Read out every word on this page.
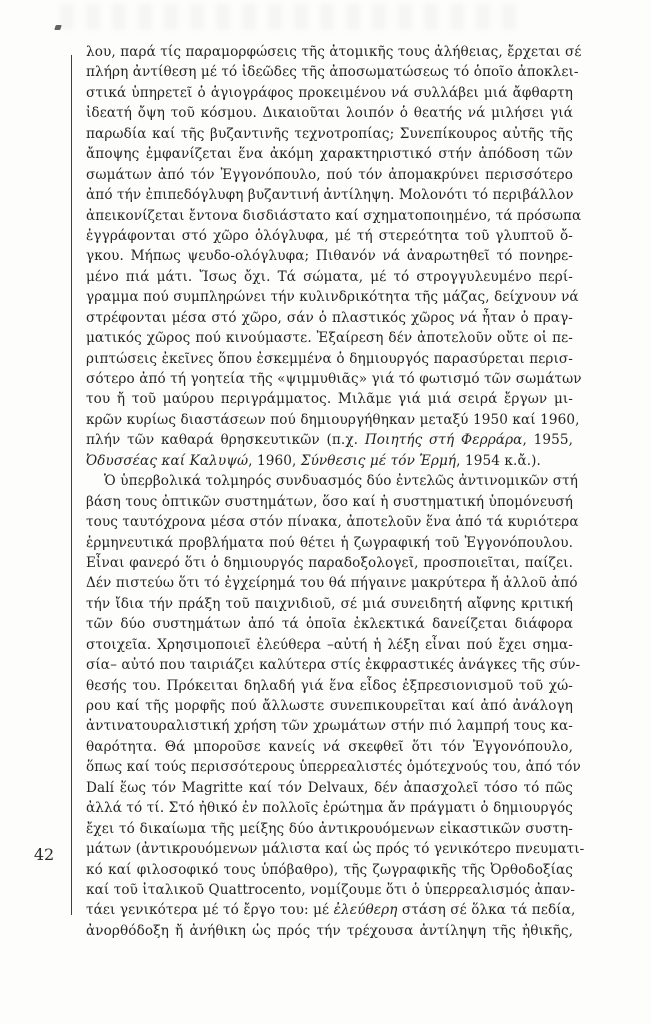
42
λου, παρά τίς παραμορφώσεις τῆς ἀτομικῆς τους ἀλήθειας, ἔρχεται σέ
πλήρη ἀντίθεση μέ τό ἰδεῶδες τῆς ἀποσωματώσεως τό ὁποῖο ἀποκλει-
στικά ὑπηρετεῖ ὁ ἁγιογράφος προκειμένου νά συλλάβει μιά ἄφθαρτη
ἰδεατή ὄψη τοῦ κόσμου. Δικαιοῦται λοιπόν ὁ θεατής νά μιλήσει γιά
παρωδία καί τῆς βυζαντινῆς τεχνοτροπίας; Συνεπίκουρος αὐτῆς τῆς
ἄποψης ἐμφανίζεται ἕνα ἀκόμη χαρακτηριστικό στήν ἀπόδοση τῶν
σωμάτων ἀπό τόν Ἐγγονόπουλο, πού τόν ἀπομακρύνει περισσότερο
ἀπό τήν ἐπιπεδόγλυφη βυζαντινή ἀντίληψη. Μολονότι τό περιβάλλον
ἀπεικονίζεται ἔντονα δισδιάστατο καί σχηματοποιημένο, τά πρόσωπα
ἐγγράφονται στό χῶρο ὁλόγλυφα, μέ τή στερεότητα τοῦ γλυπτοῦ ὄ-
γκου. Μήπως ψευδο-ολόγλυφα; Πιθανόν νά ἀναρωτηθεῖ τό πονηρε-
μένο πιά μάτι. Ἴσως ὄχι. Τά σώματα, μέ τό στρογγυλευμένο περί-
γραμμα πού συμπληρώνει τήν κυλινδρικότητα τῆς μάζας, δείχνουν νά
στρέφονται μέσα στό χῶρο, σάν ὁ πλαστικός χῶρος νά ἦταν ὁ πραγ-
ματικός χῶρος πού κινούμαστε. Ἐξαίρεση δέν ἀποτελοῦν οὔτε οἱ πε-
ριπτώσεις ἐκεῖνες ὅπου ἐσκεμμένα ὁ δημιουργός παρασύρεται περισ-
σότερο ἀπό τή γοητεία τῆς «ψιμμυθιᾶς» γιά τό φωτισμό τῶν σωμάτων
του ἤ τοῦ μαύρου περιγράμματος. Μιλᾶμε γιά μιά σειρά ἔργων μι-
κρῶν κυρίως διαστάσεων πού δημιουργήθηκαν μεταξύ 1950 καί 1960,
πλήν τῶν καθαρά θρησκευτικῶν (π.χ. Ποιητής στή Φερράρα, 1955,
Ὀδυσσέας καί Καλυψώ, 1960, Σύνθεσις μέ τόν Ἑρμή, 1954 κ.ἄ.).
Ὁ ὑπερβολικά τολμηρός συνδυασμός δύο ἐντελῶς ἀντινομικῶν στή
βάση τους ὀπτικῶν συστημάτων, ὅσο καί ἡ συστηματική ὑπομόνευσή
τους ταυτόχρονα μέσα στόν πίνακα, ἀποτελοῦν ἕνα ἀπό τά κυριότερα
ἑρμηνευτικά προβλήματα πού θέτει ἡ ζωγραφική τοῦ Ἐγγονόπουλου.
Εἶναι φανερό ὅτι ὁ δημιουργός παραδοξολογεῖ, προσποιεῖται, παίζει.
Δέν πιστεύω ὅτι τό ἐγχείρημά του θά πήγαινε μακρύτερα ἤ ἀλλοῦ ἀπό
τήν ἴδια τήν πράξη τοῦ παιχνιδιοῦ, σέ μιά συνειδητή αἴφνης κριτική
τῶν δύο συστημάτων ἀπό τά ὁποῖα ἐκλεκτικά δανείζεται διάφορα
στοιχεῖα. Χρησιμοποιεῖ ἐλεύθερα –αὐτή ἡ λέξη εἶναι πού ἔχει σημα-
σία– αὐτό που ταιριάζει καλύτερα στίς ἐκφραστικές ἀνάγκες τῆς σύν-
θεσής του. Πρόκειται δηλαδή γιά ἕνα εἶδος ἐξπρεσιονισμοῦ τοῦ χώ-
ρου καί τῆς μορφῆς πού ἄλλωστε συνεπικουρεῖται καί ἀπό ἀνάλογη
ἀντινατουραλιστική χρήση τῶν χρωμάτων στήν πιό λαμπρή τους κα-
θαρότητα. Θά μποροῦσε κανείς νά σκεφθεῖ ὅτι τόν Ἐγγονόπουλο,
ὅπως καί τούς περισσότερους ὑπερρεαλιστές ὁμότεχνούς του, ἀπό τόν
Dalí ἕως τόν Magritte καί τόν Delvaux, δέν ἀπασχολεῖ τόσο τό πῶς
ἀλλά τό τί. Στό ἠθικό ἐν πολλοῖς ἐρώτημα ἄν πράγματι ὁ δημιουργός
ἔχει τό δικαίωμα τῆς μείξης δύο ἀντικρουόμενων εἰκαστικῶν συστη-
μάτων (ἀντικρουόμενων μάλιστα καί ὡς πρός τό γενικότερο πνευματι-
κό καί φιλοσοφικό τους ὑπόβαθρο), τῆς ζωγραφικῆς τῆς Ὀρθοδοξίας
καί τοῦ ἰταλικοῦ Quattrocento, νομίζουμε ὅτι ὁ ὑπερρεαλισμός ἀπαν-
τάει γενικότερα μέ τό ἔργο του: μέ ἐλεύθερη στάση σέ ὅλκα τά πεδία,
ἀνορθόδοξη ἤ ἀνήθικη ὡς πρός τήν τρέχουσα ἀντίληψη τῆς ἠθικῆς,
